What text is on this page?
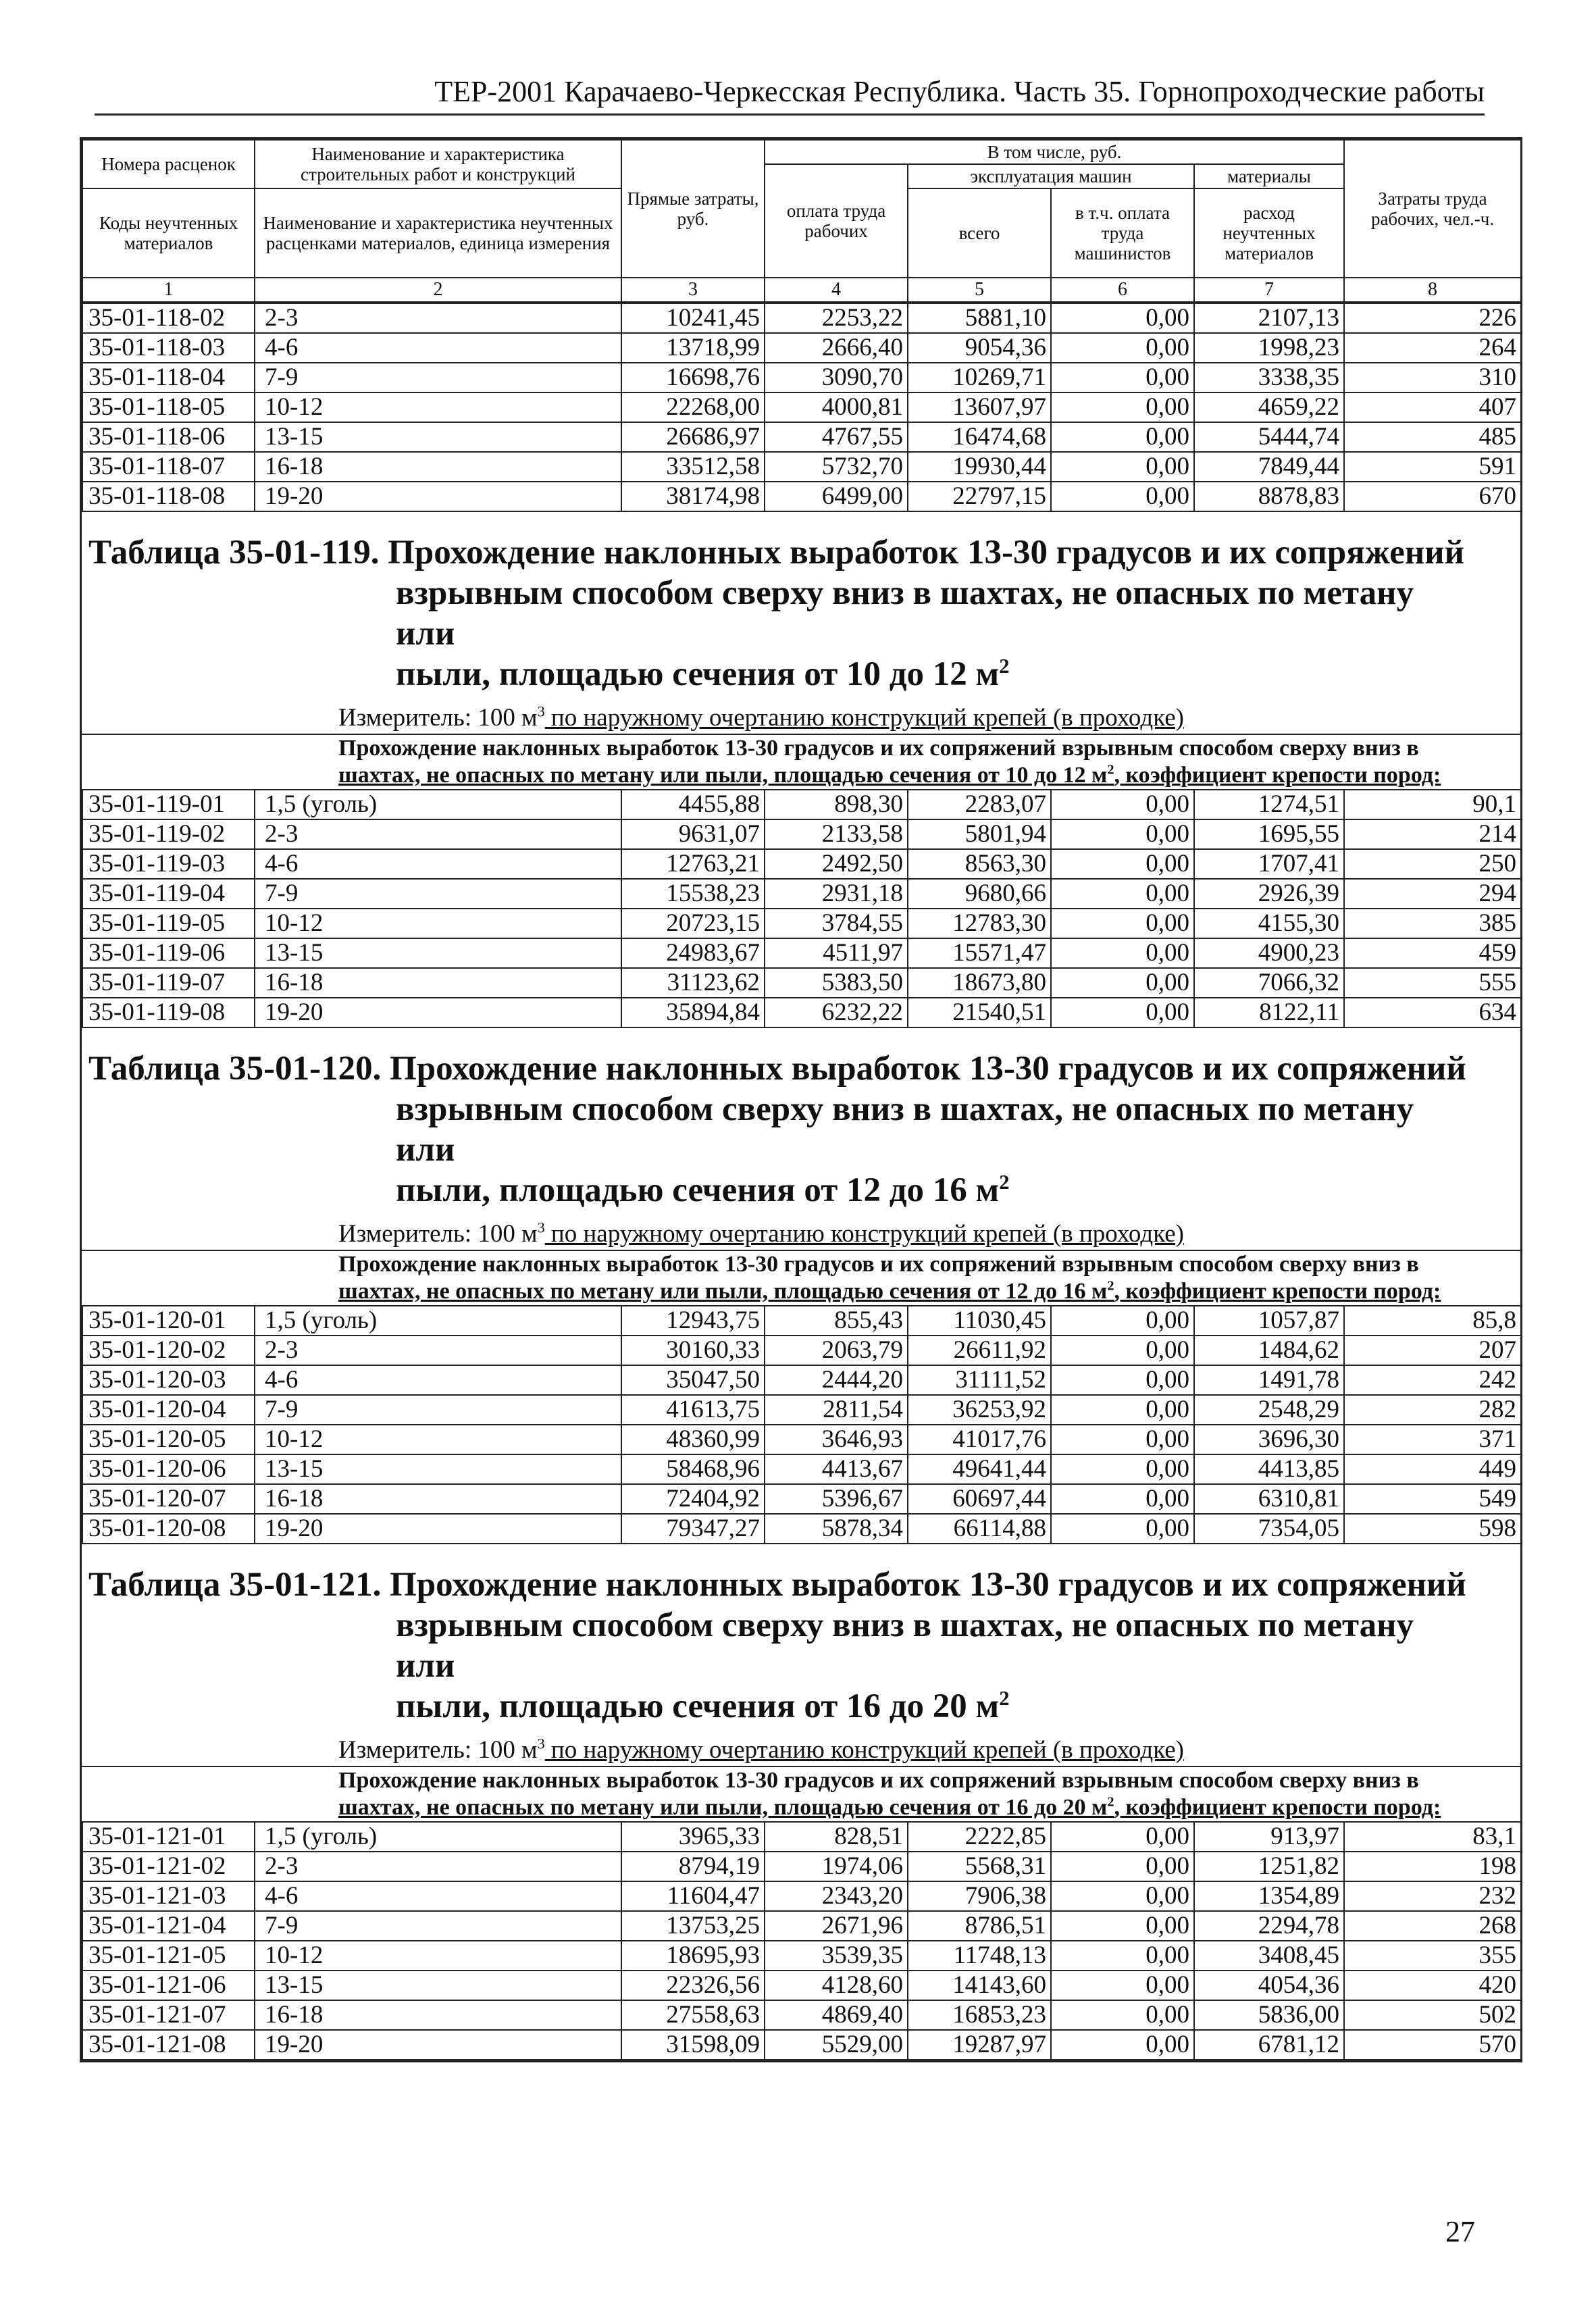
ТЕР-2001 Карачаево-Черкесская Республика. Часть 35. Горнопроходческие работы
Номера расценок	Наименование и характеристика строительных работ и конструкций	Прямые затраты, руб.	В том числе, руб.				Затраты труда рабочих, чел.-ч.
			оплата труда рабочих	эксплуатация машин		материалы	
Коды неучтенных материалов	Наименование и характеристика неучтенных расценками материалов, единица измерения			всего	в т.ч. оплата труда машинистов	расход неучтенных материалов	

1	2	3	4	5	6	7	8
35-01-118-02	2-3	10241,45	2253,22	5881,10	0,00	2107,13	226
35-01-118-03	4-6	13718,99	2666,40	9054,36	0,00	1998,23	264
35-01-118-04	7-9	16698,76	3090,70	10269,71	0,00	3338,35	310
35-01-118-05	10-12	22268,00	4000,81	13607,97	0,00	4659,22	407
35-01-118-06	13-15	26686,97	4767,55	16474,68	0,00	5444,74	485
35-01-118-07	16-18	33512,58	5732,70	19930,44	0,00	7849,44	591
35-01-118-08	19-20	38174,98	6499,00	22797,15	0,00	8878,83	670
Таблица 35-01-119. Прохождение наклонных выработок 13-30 градусов и их сопряжений
взрывным способом сверху вниз в шахтах, не опасных по метану или
пыли, площадью сечения от 10 до 12 $м^2$
Измеритель: 100 $м^3$ по наружному очертанию конструкций крепей (в проходке)
Прохождение наклонных выработок 13-30 градусов и их сопряжений взрывным способом сверху вниз в
шахтах, не опасных по метану или пыли, площадью сечения от 10 до 12 $м^2$, коэффициент крепости пород:
35-01-119-01	1,5 (уголь)	4455,88	898,30	2283,07	0,00	1274,51	90,1
35-01-119-02	2-3	9631,07	2133,58	5801,94	0,00	1695,55	214
35-01-119-03	4-6	12763,21	2492,50	8563,30	0,00	1707,41	250
35-01-119-04	7-9	15538,23	2931,18	9680,66	0,00	2926,39	294
35-01-119-05	10-12	20723,15	3784,55	12783,30	0,00	4155,30	385
35-01-119-06	13-15	24983,67	4511,97	15571,47	0,00	4900,23	459
35-01-119-07	16-18	31123,62	5383,50	18673,80	0,00	7066,32	555
35-01-119-08	19-20	35894,84	6232,22	21540,51	0,00	8122,11	634
Таблица 35-01-120. Прохождение наклонных выработок 13-30 градусов и их сопряжений
взрывным способом сверху вниз в шахтах, не опасных по метану или
пыли, площадью сечения от 12 до 16 $м^2$
Измеритель: 100 $м^3$ по наружному очертанию конструкций крепей (в проходке)
Прохождение наклонных выработок 13-30 градусов и их сопряжений взрывным способом сверху вниз в
шахтах, не опасных по метану или пыли, площадью сечения от 12 до 16 $м^2$, коэффициент крепости пород:
35-01-120-01	1,5 (уголь)	12943,75	855,43	11030,45	0,00	1057,87	85,8
35-01-120-02	2-3	30160,33	2063,79	26611,92	0,00	1484,62	207
35-01-120-03	4-6	35047,50	2444,20	31111,52	0,00	1491,78	242
35-01-120-04	7-9	41613,75	2811,54	36253,92	0,00	2548,29	282
35-01-120-05	10-12	48360,99	3646,93	41017,76	0,00	3696,30	371
35-01-120-06	13-15	58468,96	4413,67	49641,44	0,00	4413,85	449
35-01-120-07	16-18	72404,92	5396,67	60697,44	0,00	6310,81	549
35-01-120-08	19-20	79347,27	5878,34	66114,88	0,00	7354,05	598
Таблица 35-01-121. Прохождение наклонных выработок 13-30 градусов и их сопряжений
взрывным способом сверху вниз в шахтах, не опасных по метану или
пыли, площадью сечения от 16 до 20 $м^2$
Измеритель: 100 $м^3$ по наружному очертанию конструкций крепей (в проходке)
Прохождение наклонных выработок 13-30 градусов и их сопряжений взрывным способом сверху вниз в
шахтах, не опасных по метану или пыли, площадью сечения от 16 до 20 $м^2$, коэффициент крепости пород:
35-01-121-01	1,5 (уголь)	3965,33	828,51	2222,85	0,00	913,97	83,1
35-01-121-02	2-3	8794,19	1974,06	5568,31	0,00	1251,82	198
35-01-121-03	4-6	11604,47	2343,20	7906,38	0,00	1354,89	232
35-01-121-04	7-9	13753,25	2671,96	8786,51	0,00	2294,78	268
35-01-121-05	10-12	18695,93	3539,35	11748,13	0,00	3408,45	355
35-01-121-06	13-15	22326,56	4128,60	14143,60	0,00	4054,36	420
35-01-121-07	16-18	27558,63	4869,40	16853,23	0,00	5836,00	502
35-01-121-08	19-20	31598,09	5529,00	19287,97	0,00	6781,12	570
27
